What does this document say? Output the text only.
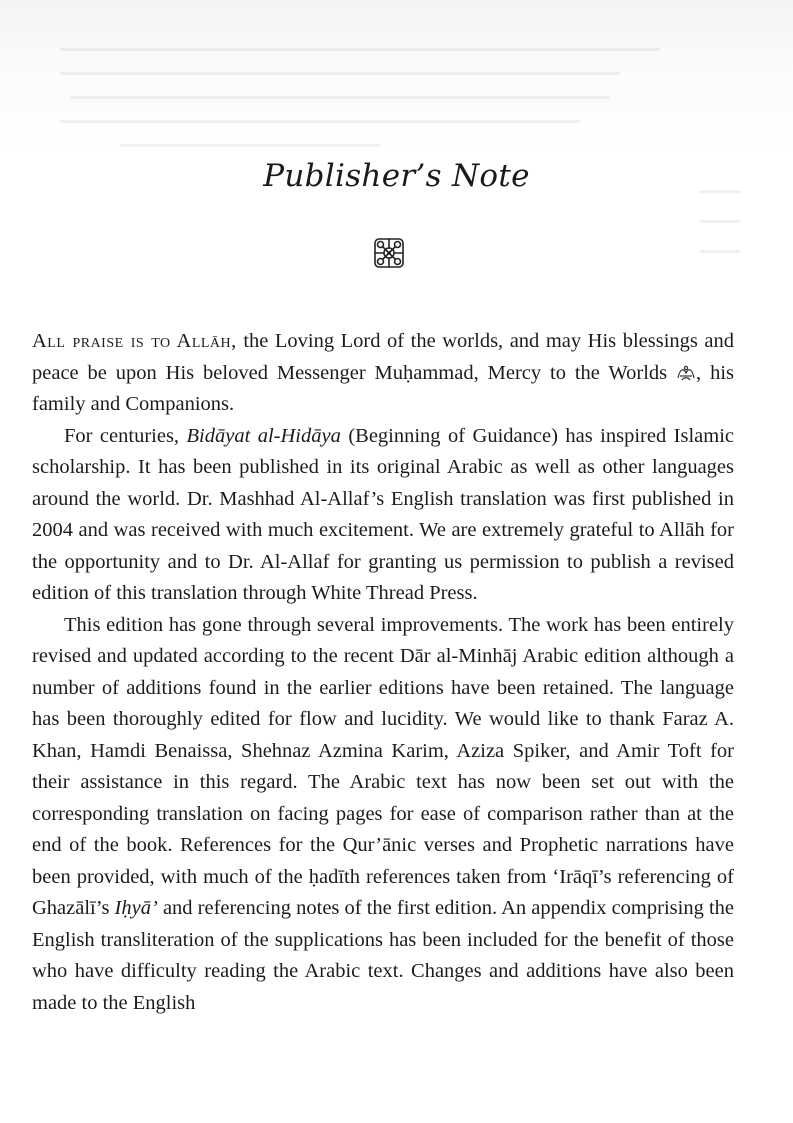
Publisher’s Note

All praise is to Allāh, the Loving Lord of the worlds, and may His blessings and peace be upon His beloved Messenger Muḥammad, Mercy to the Worlds , his family and Companions.

For centuries, Bidāyat al-Hidāya (Beginning of Guidance) has inspired Islamic scholarship. It has been published in its original Arabic as well as other languages around the world. Dr. Mashhad Al-Allaf’s English translation was first published in 2004 and was received with much excitement. We are extremely grateful to Allāh for the opportunity and to Dr. Al-Allaf for granting us permission to publish a revised edition of this translation through White Thread Press.

This edition has gone through several improvements. The work has been entirely revised and updated according to the recent Dār al-Minhāj Arabic edition although a number of additions found in the earlier editions have been retained. The language has been thoroughly edited for flow and lucidity. We would like to thank Faraz A. Khan, Hamdi Benaissa, Shehnaz Azmina Karim, Aziza Spiker, and Amir Toft for their assistance in this regard. The Arabic text has now been set out with the corresponding translation on facing pages for ease of comparison rather than at the end of the book. References for the Qur’ānic verses and Prophetic narrations have been provided, with much of the ḥadīth references taken from ‘Irāqī’s referencing of Ghazālī’s Iḥyā’ and referencing notes of the first edition. An appendix comprising the English transliteration of the supplications has been included for the benefit of those who have difficulty reading the Arabic text. Changes and additions have also been made to the English
